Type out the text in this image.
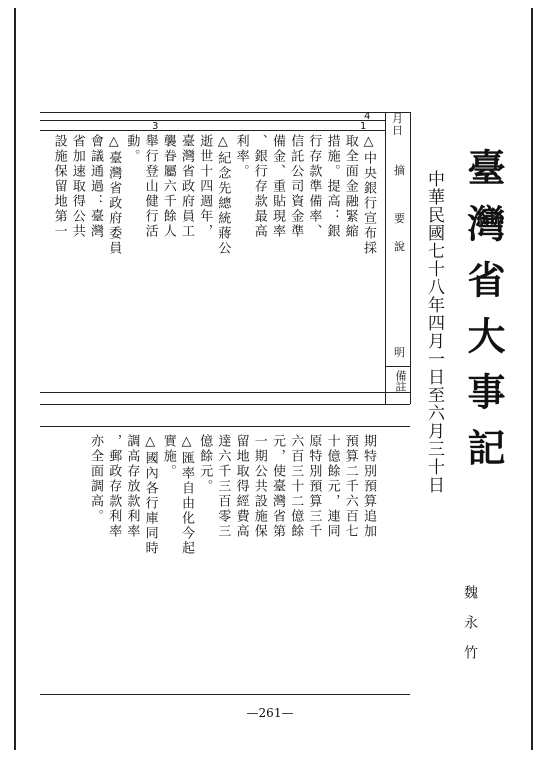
臺灣省大事記
中華民國七十八年四月一日至六月三十日
魏永竹
月
日
摘
要
說
明
備註
4
1
3
△中央銀行宣布採
取全面金融緊縮
措施。提高：銀
行存款準備率、
信託公司資金準
備金、重貼現率
、銀行存款最高
利率。
△紀念先總統蔣公
逝世十四週年，
臺灣省政府員工
襲眷屬六千餘人
舉行登山健行活
動。
△臺灣省政府委員
會議通過：臺灣
省加速取得公共
設施保留地第一
期特別預算追加
預算二千六百七
十億餘元，連同
原特別預算三千
六百三十二億餘
元，使臺灣省第
一期公共設施保
留地取得經費高
達六千三百零三
億餘元。
△匯率自由化今起
實施。
△國內各行庫同時
調高存放款利率
，郵政存款利率
亦全面調高。
—261—
